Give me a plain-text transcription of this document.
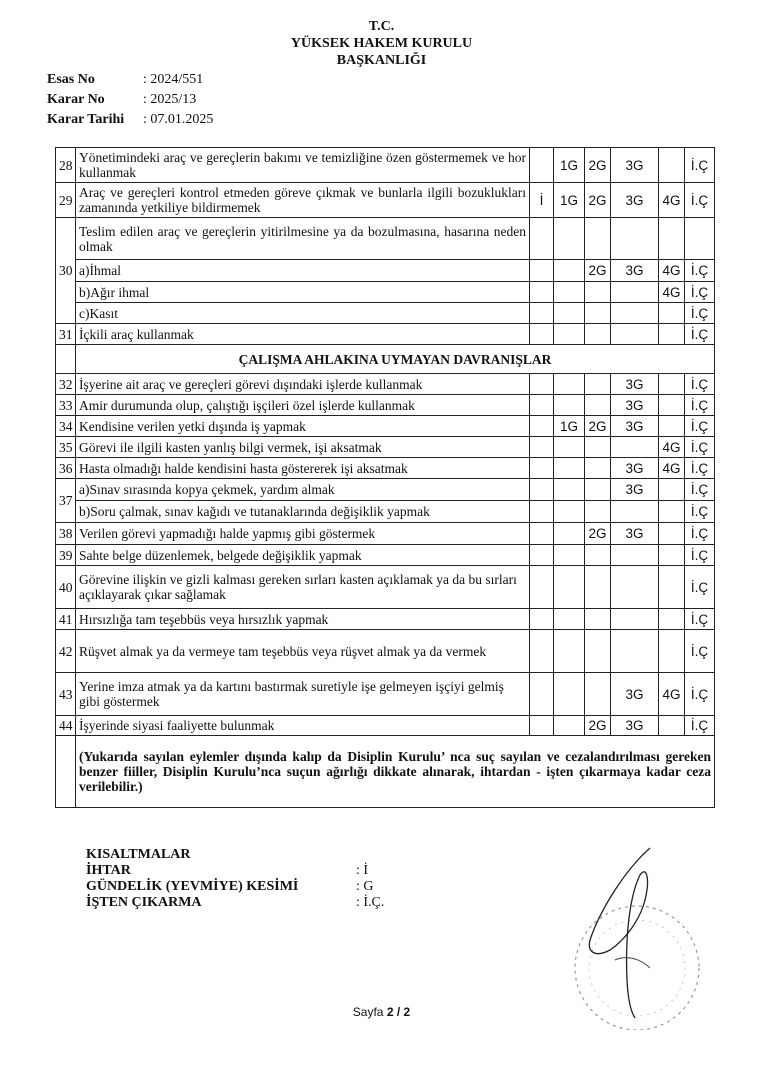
T.C.
YÜKSEK HAKEM KURULU
BAŞKANLIĞI
Esas No	: 2024/551
Karar No	: 2025/13
Karar Tarihi	: 07.01.2025
28	Yönetimindeki araç ve gereçlerin bakımı ve temizliğine özen göstermemek ve hor kullanmak		1G	2G	3G		İ.Ç
29	Araç ve gereçleri kontrol etmeden göreve çıkmak ve bunlarla ilgili bozuklukları zamanında yetkiliye bildirmemek	İ	1G	2G	3G	4G	İ.Ç
30	Teslim edilen araç ve gereçlerin yitirilmesine ya da bozulmasına, hasarına neden olmak						
	a)İhmal			2G	3G	4G	İ.Ç
	b)Ağır ihmal					4G	İ.Ç
	c)Kasıt						İ.Ç
31	İçkili araç kullanmak						İ.Ç
	ÇALIŞMA AHLAKINA UYMAYAN DAVRANIŞLAR						
32	İşyerine ait araç ve gereçleri görevi dışındaki işlerde kullanmak				3G		İ.Ç
33	Amir durumunda olup, çalıştığı işçileri özel işlerde kullanmak				3G		İ.Ç
34	Kendisine verilen yetki dışında iş yapmak		1G	2G	3G		İ.Ç
35	Görevi ile ilgili kasten yanlış bilgi vermek, işi aksatmak					4G	İ.Ç
36	Hasta olmadığı halde kendisini hasta göstererek işi aksatmak				3G	4G	İ.Ç
37	a)Sınav sırasında kopya çekmek, yardım almak				3G		İ.Ç
	b)Soru çalmak, sınav kağıdı ve tutanaklarında değişiklik yapmak						İ.Ç
38	Verilen görevi yapmadığı halde yapmış gibi göstermek			2G	3G		İ.Ç
39	Sahte belge düzenlemek, belgede değişiklik yapmak						İ.Ç
40	Görevine ilişkin ve gizli kalması gereken sırları kasten açıklamak ya da bu sırları açıklayarak çıkar sağlamak						İ.Ç
41	Hırsızlığa tam teşebbüs veya hırsızlık yapmak						İ.Ç
42	Rüşvet almak ya da vermeye tam teşebbüs veya rüşvet almak ya da vermek						İ.Ç
43	Yerine imza atmak ya da kartını bastırmak suretiyle işe gelmeyen işçiyi gelmiş gibi göstermek				3G	4G	İ.Ç
44	İşyerinde siyasi faaliyette bulunmak			2G	3G		İ.Ç
	(Yukarıda sayılan eylemler dışında kalıp da Disiplin Kurulu’ nca suç sayılan ve cezalandırılması gereken benzer fiiller, Disiplin Kurulu’nca suçun ağırlığı dikkate alınarak, ihtardan - işten çıkarmaya kadar ceza verilebilir.)						
KISALTMALAR
İHTAR	: İ
GÜNDELİK (YEVMİYE) KESİMİ	: G
İŞTEN ÇIKARMA	: İ.Ç.
Sayfa 2 / 2
